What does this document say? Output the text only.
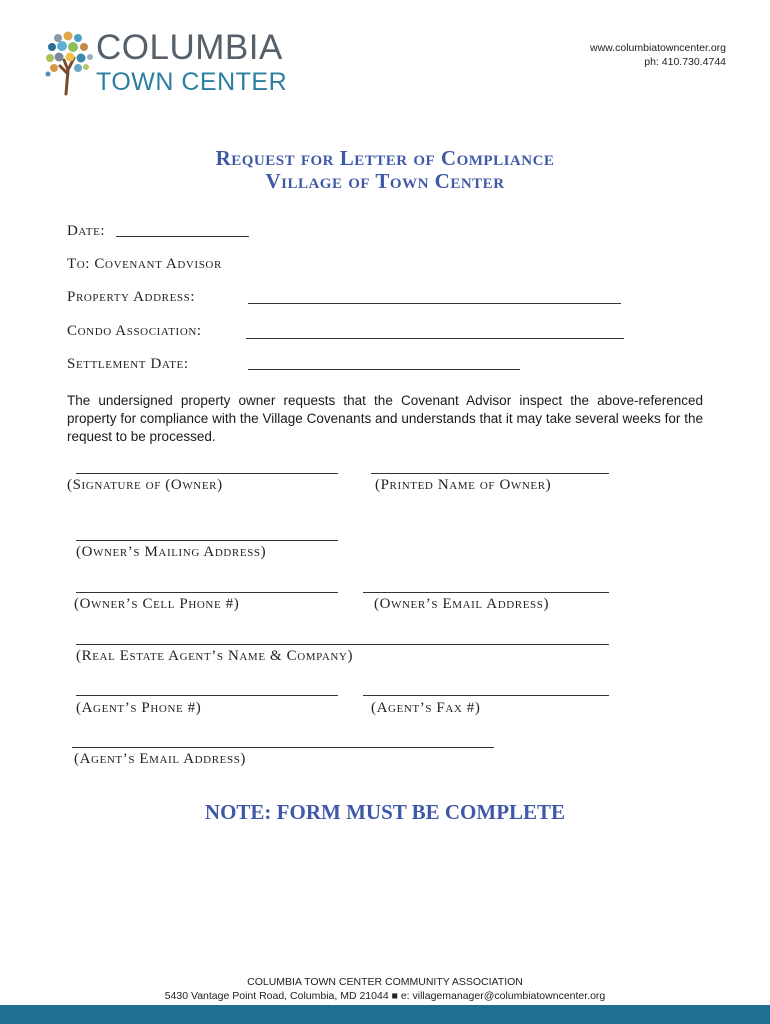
COLUMBIA
TOWN CENTER
www.columbiatowncenter.org
ph: 410.730.4744
Request for Letter of Compliance
Village of Town Center
Date:
To: Covenant Advisor
Property Address:
Condo Association:
Settlement Date:
The undersigned property owner requests that the Covenant Advisor inspect the above-referenced property for compliance with the Village Covenants and understands that it may take several weeks for the request to be processed.
(Signature of (Owner)	(Printed Name of Owner)
(Owner’s Mailing Address)
(Owner’s Cell Phone #)	(Owner’s Email Address)
(Real Estate Agent’s Name & Company)
(Agent’s Phone #)	(Agent’s Fax #)
(Agent’s Email Address)
NOTE: FORM MUST BE COMPLETE
COLUMBIA TOWN CENTER COMMUNITY ASSOCIATION
5430 Vantage Point Road, Columbia, MD 21044 ■ e: villagemanager@columbiatowncenter.org
